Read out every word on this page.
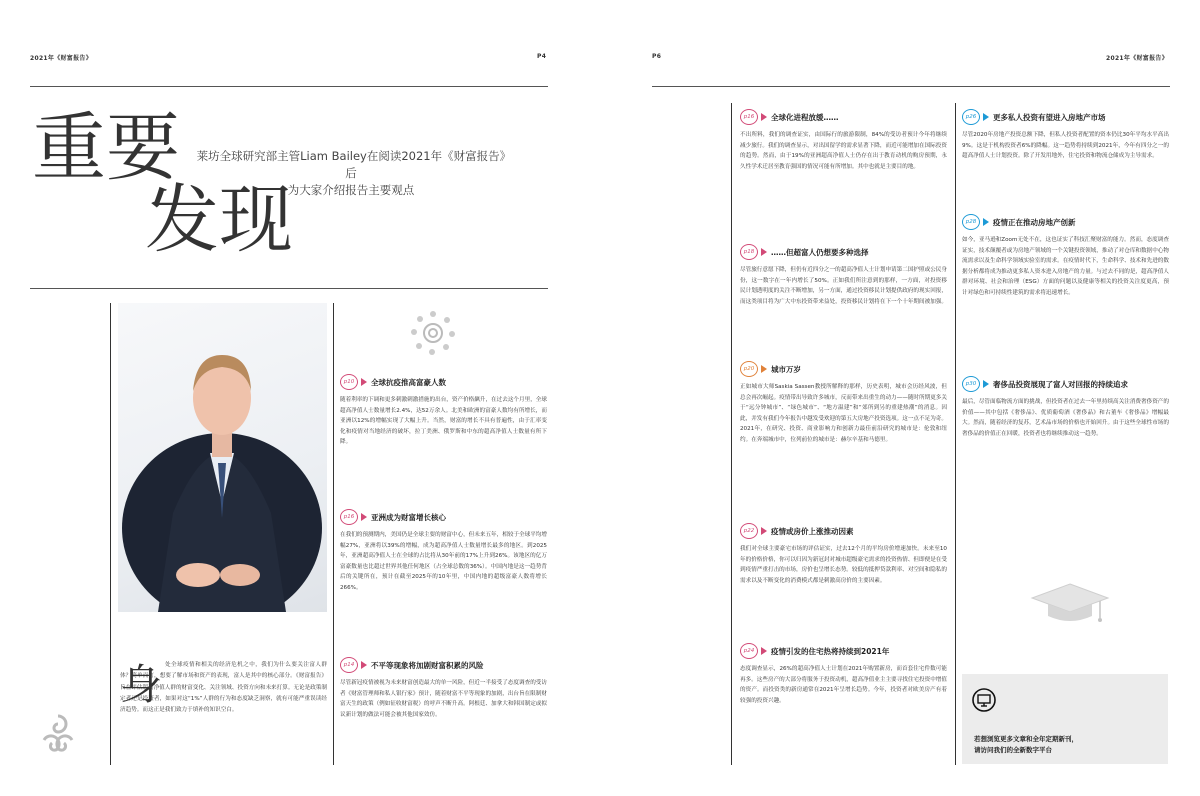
2021年《财富报告》	P4
重要
发现
莱坊全球研究部主管Liam Bailey在阅读2021年《财富报告》后
为大家介绍报告主要观点
身 处全球疫情和相关的经济危机之中，我们为什么要关注富人群体？简单而言，想要了解市场和资产的表现，富人是其中的核心部分。《财富报告》旨在评估超高净值人群的财富变化、关注领域、投资方向和未来打算。无论是政策制定者还是投资者，如果对这“1%”人群的行为和态度缺乏洞察，就有可能严重误读经济趋势。而这正是我们致力于填补的知识空白。
p10	全球抗疫推高富豪人数
随着利率的下调和更多刺激刺激措施的出台，资产价格飙升，在过去这个月里，全球超高净值人士数量增长2.4%，达52万余人。北美和欧洲的富豪人数均有所增长，而亚洲以12%的增幅实现了大幅上升。当然，财富的增长不具有普遍性，由于汇率变化和疫情对当地经济的破坏，拉丁美洲、俄罗斯和中东的超高净值人士数量有所下降。
p16	亚洲成为财富增长核心
在我们的预测期内，美国仍是全球主要的财富中心，但未来五年，相较于全球平均增幅27%，亚洲将以39%的增幅，成为超高净值人士数量增长最多的地区。到2025年，亚洲超高净值人士在全球的占比将从30年前的17%上升到26%。该地区的亿万富豪数量也比超过世界其他任何地区（占全球总数的36%）。中国内地是这一趋势背后的关键所在，预计在截至2025年的10年里，中国内地的超级富豪人数将增长266%。
p14	不平等现象将加剧财富积累的风险
尽管新冠疫情被视为未来财富创造最大的单一风险，但近一半接受了态度调查的受访者《财富管理师和私人银行家》预计，随着财富不平等现象的加剧，出台旨在限制财富天生的政策（例如征收财富税）的呼声不断升高。阿根廷、加拿大和韩国制定或拟议新计划的做法可能会被其他国家效仿。
P6	2021年《财富报告》
p16	全球化进程放缓……
不出所料，我们的调查证实，由国际行的旅游限制，84%的受访者预计今年将继续减少旅行。我们的调查显示，对出国留学的需求显著下降，而近可能增加在国际投资的趋势。然而，由于19%的亚洲超高净值人士仍存在出于教育动机的购房预期，永久性学术迁居至教育强国的情况可能有所增加。其中也就是主要目的地。
p18	……但超富人仍想要多种选择
尽管旅行意愿下降，但仍有近四分之一的超高净值人士计划申请第二国护照或公民身份，这一数字在一年内增长了50%。正如我们所注意到的那样，一方面，对投资移民计划透明度的关注不断增加，另一方面，通过投资移民计划提供政府的现实回报，而这类项目将为广大中东投资带来益处，投资移民计划将在下一个十年期间被加强。
p20	城市万岁
正如城市大师Saskia Sassen教授所解释的那样，历史表明，城市会历经风波，但总会再次崛起。疫情带出导致许多城市，反而带来出重生的动力——随时所期更多关于“远分钟城市”、“绿色城市”、“地方温建”和“郊所到另的重建热潮”的消息。因此，并发有我们今年报告中越发受欢迎的第五大房地产投资选项。这一点不足为奇。2021年，在研究、投资、商业影响力和创新力最佳前沿研究的城市是：伦敦和纽约。在奔端城市中，位列前位的城市是：赫尔辛基和马德里。
p22	疫情或房价上涨推动因素
我们对全球主要豪宅市场的评估证实，过去12个月的平均房价增速加快。未来至10年的价格价格，你可以归因为新冠封对城市超级豪宅需求的投资热情、但即便是在受到疫情严重打击的市场，房价也呈增长态势。较低的抵押贷款利率、对空间和隐私的需求以及不断变化的消费模式都是刺激高房价的主要因素。
p24	疫情引发的住宅热将持续到2021年
态度调查显示，26%的超高净值人士计划在2021年购置新房，而首套住宅件数可能再多。这些房产的大部分将服务于投资动机，超高净值业主主要寻找住宅投资中增值的资产。而投资类的新房通常在2021年呈增长趋势。今年，投资者对欧美房产有着较强的投资兴趣。
p26	更多私人投资有望进入房地产市场
尽管2020年房地产投资总额下降，但私人投资者配置的资本仍比30年平均水平高出9%。这是于机构投资者6%的降幅。这一趋势将持续到2021年，今年有四分之一的超高净值人士计划投资。除了开发用地外，住宅投资和物流仓储成为主导需求。
p28	疫情正在推动房地产创新
如今，亚马逊和Zoom无处不在，这也证实了科技汇聚财富的能力。然而，态度调查证实，技术颠覆者或为房地产领域的一个关键投资领域，推动了对仓库和数据中心物流需求以及生命科学领域实验室的需求。在疫情时代下，生命科学、技术和先进的数据分析都将成为推动更多私人资本进入房地产的力量。与过去不同的是，超高净值人群对环境、社会和治理（ESG）方面的问题以及健康等相关的投资关注度更高，预计对绿色和可持续性建筑的需求将迅速增长。
p30	奢侈品投资展现了富人对回报的持续追求
最后，尽管面临物流方面的挑战，但投资者在过去一年里持续高关注消费奢侈资产的价值——其中包括《奢侈品》、优质葡萄酒《奢侈品》和古董车《奢侈品》增幅最大。然而，随着经济的复苏，艺术品市场的价格也开始回升。由于这些全球性市场的奢侈品的价值正在回暖，投资者也将继续推动这一趋势。
若想浏览更多文章和全年定期新刊，
请访问我们的全新数字平台
